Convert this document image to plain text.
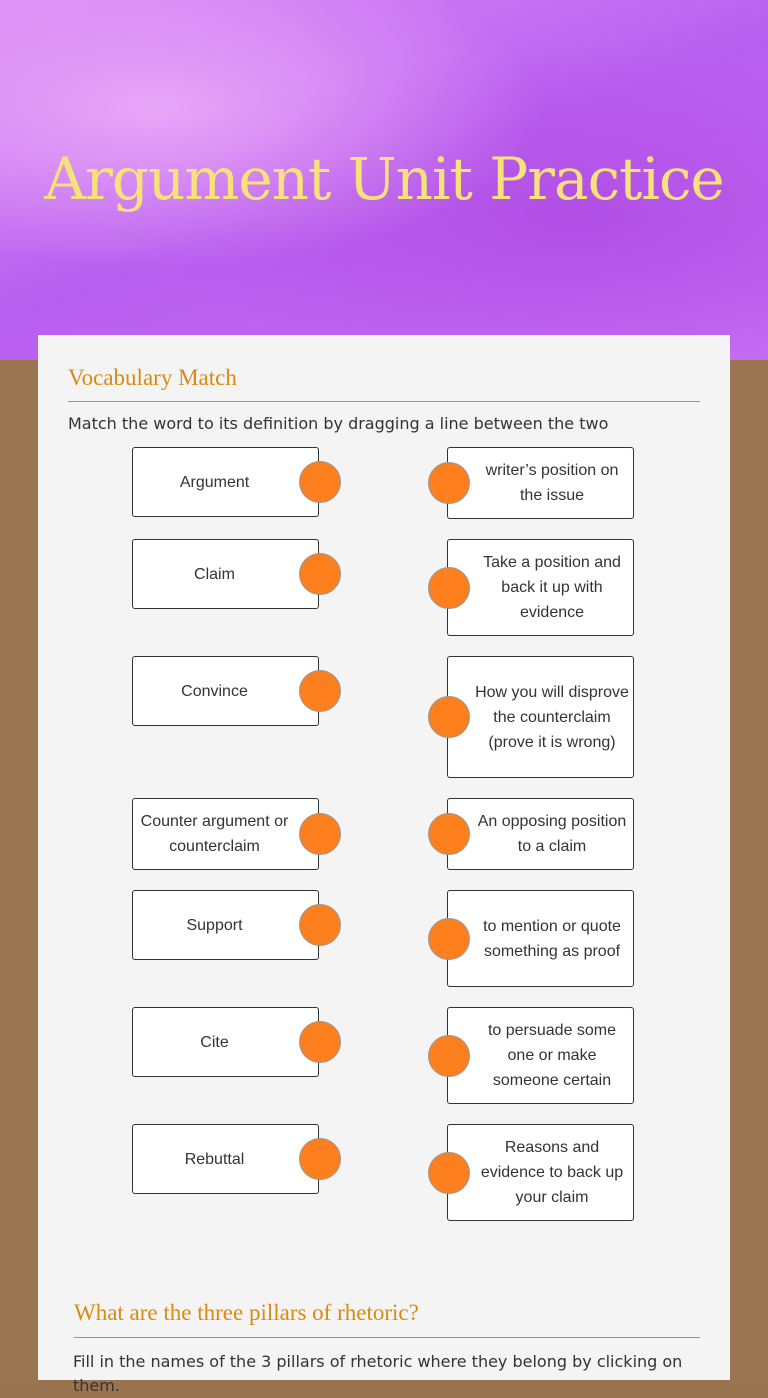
Argument Unit Practice
Vocabulary Match
Match the word to its definition by dragging a line between the two
Argument
writer’s position on the issue
Claim
Take a position and back it up with evidence
Convince	How you will disprove the counterclaim (prove it is wrong)
Counter argument or counterclaim
An opposing position to a claim
Support	to mention or quote something as proof
Cite
to persuade some one or make someone certain
Rebuttal
Reasons and evidence to back up your claim
What are the three pillars of rhetoric?
Fill in the names of the 3 pillars of rhetoric where they belong by clicking on them.
